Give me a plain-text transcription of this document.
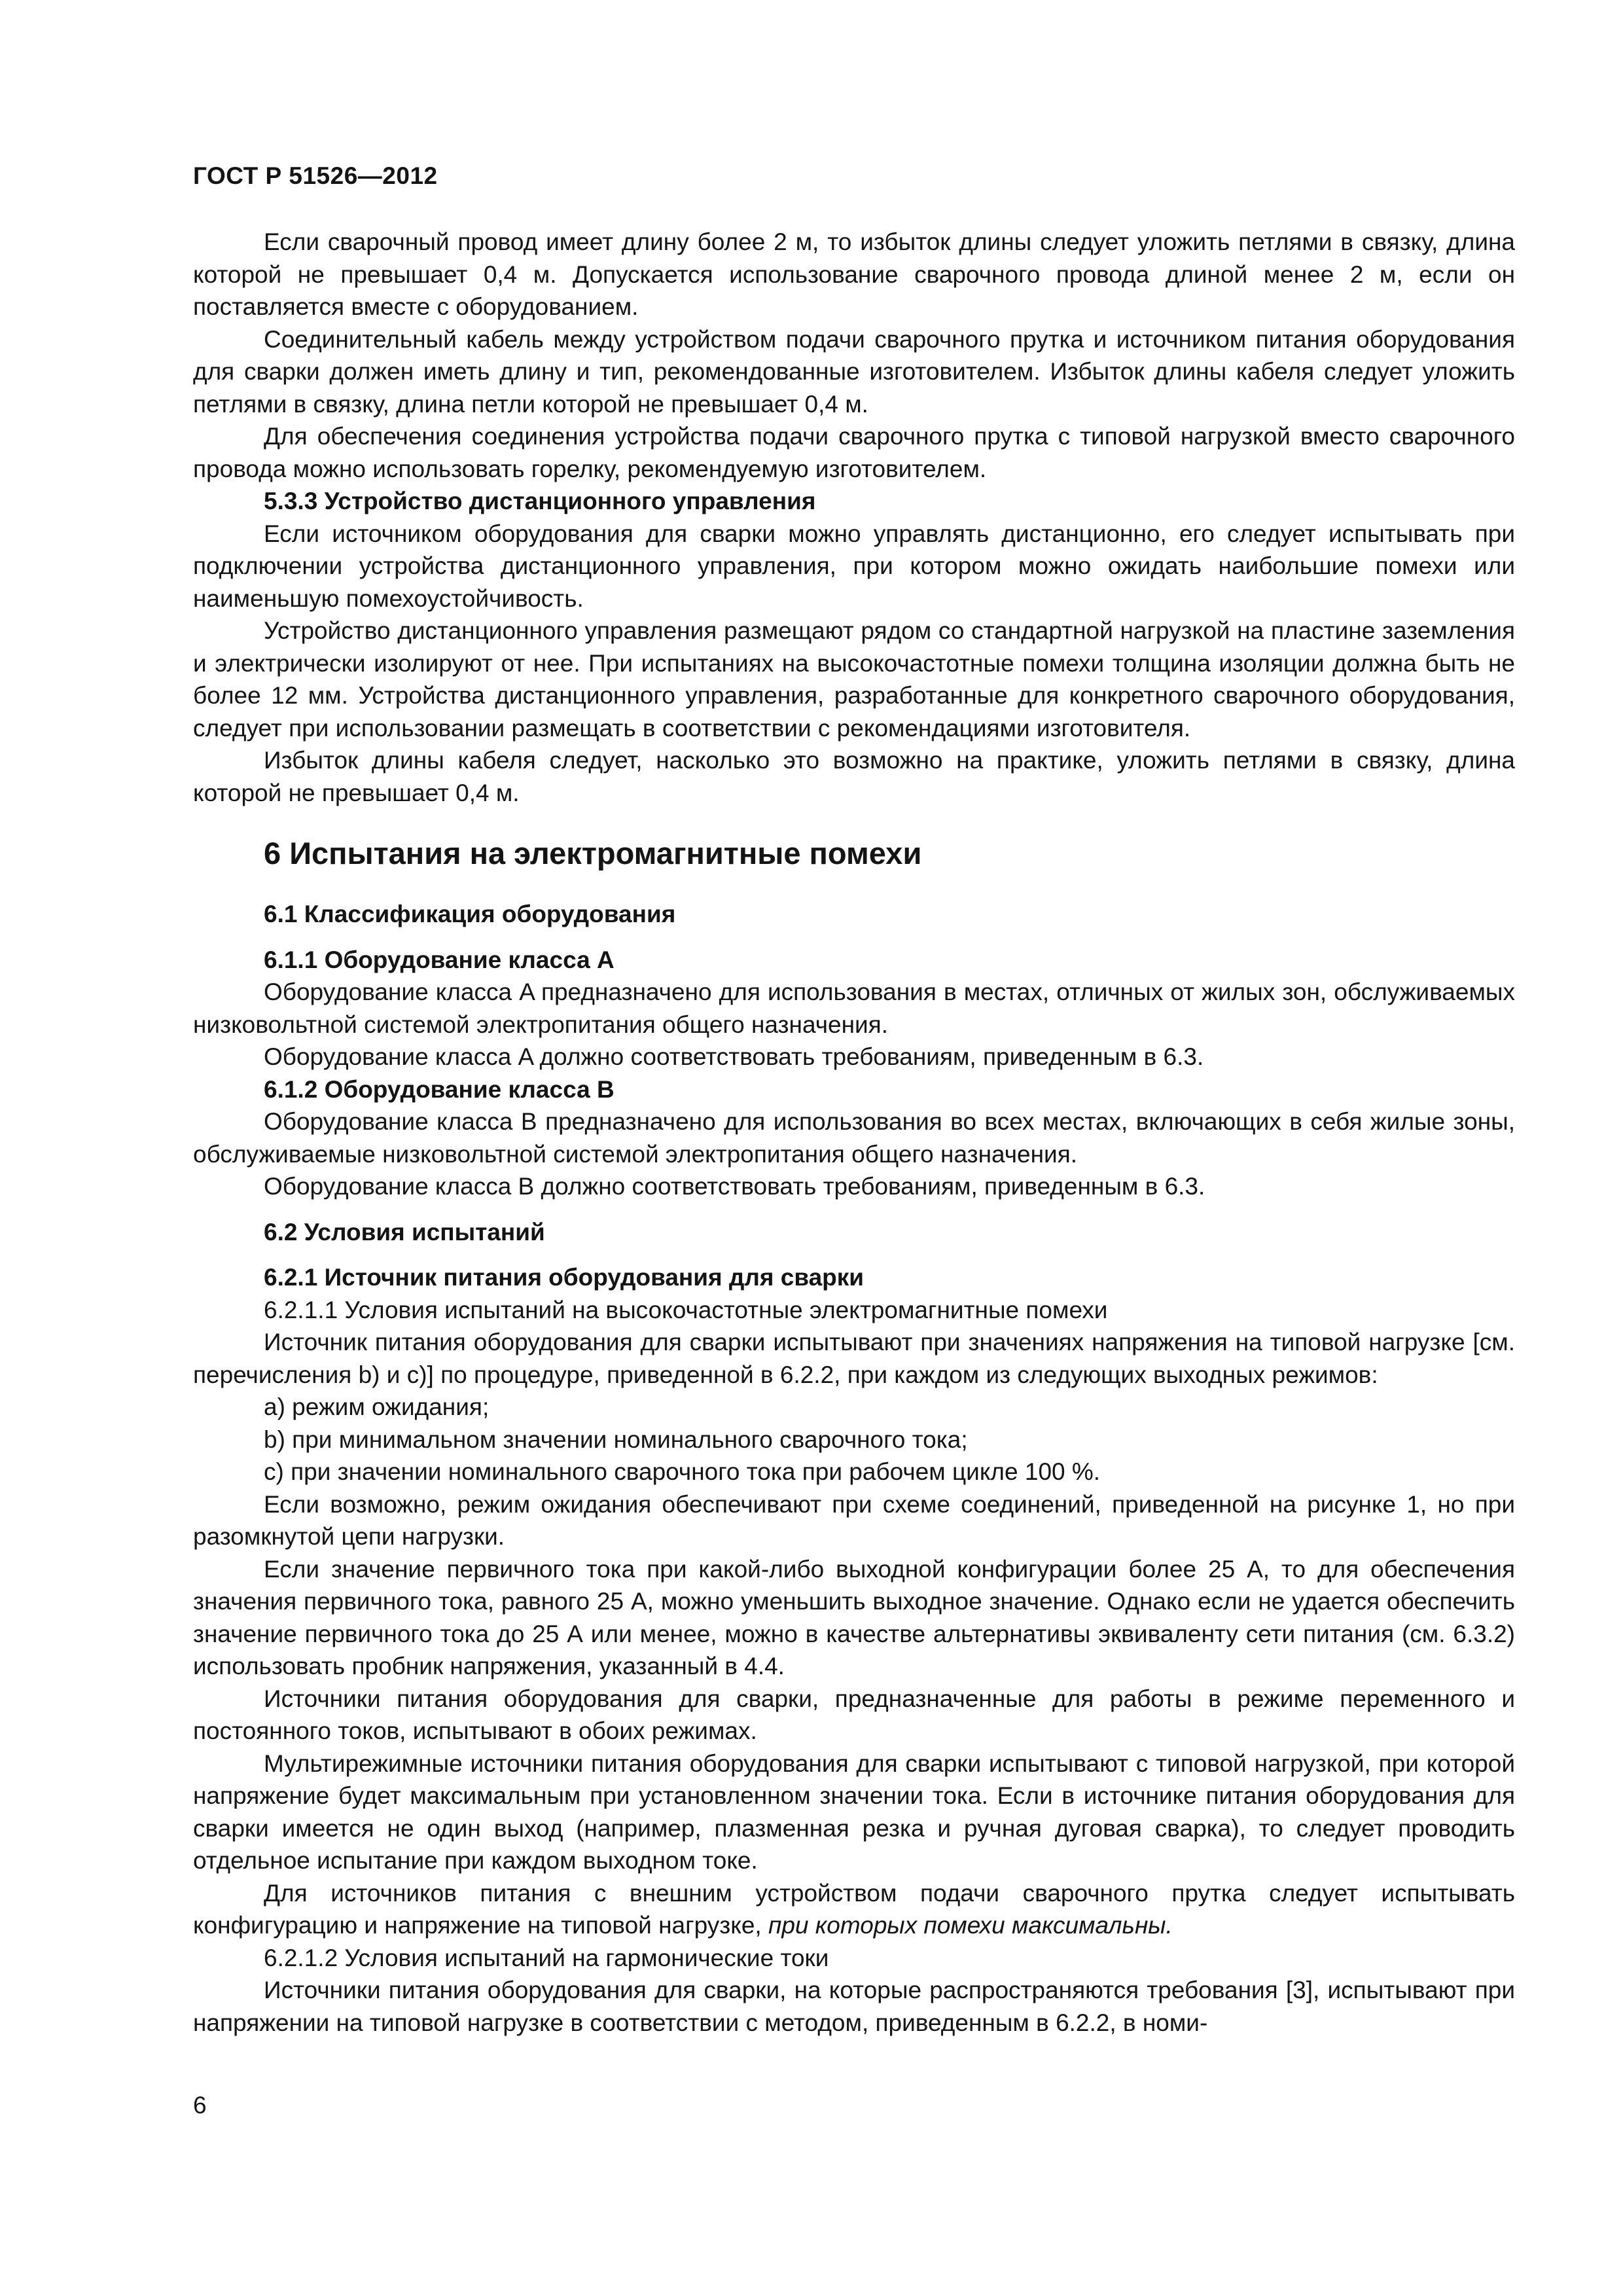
ГОСТ Р 51526—2012

Если сварочный провод имеет длину более 2 м, то избыток длины следует уложить петлями в связку, длина которой не превышает 0,4 м. Допускается использование сварочного провода длиной менее 2 м, если он поставляется вместе с оборудованием.

Соединительный кабель между устройством подачи сварочного прутка и источником питания оборудования для сварки должен иметь длину и тип, рекомендованные изготовителем. Избыток длины кабеля следует уложить петлями в связку, длина петли которой не превышает 0,4 м.

Для обеспечения соединения устройства подачи сварочного прутка с типовой нагрузкой вместо сварочного провода можно использовать горелку, рекомендуемую изготовителем.

5.3.3 Устройство дистанционного управления

Если источником оборудования для сварки можно управлять дистанционно, его следует испытывать при подключении устройства дистанционного управления, при котором можно ожидать наибольшие помехи или наименьшую помехоустойчивость.

Устройство дистанционного управления размещают рядом со стандартной нагрузкой на пластине заземления и электрически изолируют от нее. При испытаниях на высокочастотные помехи толщина изоляции должна быть не более 12 мм. Устройства дистанционного управления, разработанные для конкретного сварочного оборудования, следует при использовании размещать в соответствии с рекомендациями изготовителя.

Избыток длины кабеля следует, насколько это возможно на практике, уложить петлями в связку, длина которой не превышает 0,4 м.

6 Испытания на электромагнитные помехи
6.1 Классификация оборудования
6.1.1 Оборудование класса A

Оборудование класса A предназначено для использования в местах, отличных от жилых зон, обслуживаемых низковольтной системой электропитания общего назначения.

Оборудование класса A должно соответствовать требованиям, приведенным в 6.3.

6.1.2 Оборудование класса B

Оборудование класса B предназначено для использования во всех местах, включающих в себя жилые зоны, обслуживаемые низковольтной системой электропитания общего назначения.

Оборудование класса B должно соответствовать требованиям, приведенным в 6.3.

6.2 Условия испытаний
6.2.1 Источник питания оборудования для сварки

6.2.1.1 Условия испытаний на высокочастотные электромагнитные помехи

Источник питания оборудования для сварки испытывают при значениях напряжения на типовой нагрузке [см. перечисления b) и c)] по процедуре, приведенной в 6.2.2, при каждом из следующих выходных режимов:

a) режим ожидания;
b) при минимальном значении номинального сварочного тока;
c) при значении номинального сварочного тока при рабочем цикле 100 %.

Если возможно, режим ожидания обеспечивают при схеме соединений, приведенной на рисунке 1, но при разомкнутой цепи нагрузки.

Если значение первичного тока при какой-либо выходной конфигурации более 25 А, то для обеспечения значения первичного тока, равного 25 А, можно уменьшить выходное значение. Однако если не удается обеспечить значение первичного тока до 25 А или менее, можно в качестве альтернативы эквиваленту сети питания (см. 6.3.2) использовать пробник напряжения, указанный в 4.4.

Источники питания оборудования для сварки, предназначенные для работы в режиме переменного и постоянного токов, испытывают в обоих режимах.

Мультирежимные источники питания оборудования для сварки испытывают с типовой нагрузкой, при которой напряжение будет максимальным при установленном значении тока. Если в источнике питания оборудования для сварки имеется не один выход (например, плазменная резка и ручная дуговая сварка), то следует проводить отдельное испытание при каждом выходном токе.

Для источников питания с внешним устройством подачи сварочного прутка следует испытывать конфигурацию и напряжение на типовой нагрузке, при которых помехи максимальны.

6.2.1.2 Условия испытаний на гармонические токи

Источники питания оборудования для сварки, на которые распространяются требования [3], испытывают при напряжении на типовой нагрузке в соответствии с методом, приведенным в 6.2.2, в номи-

6
